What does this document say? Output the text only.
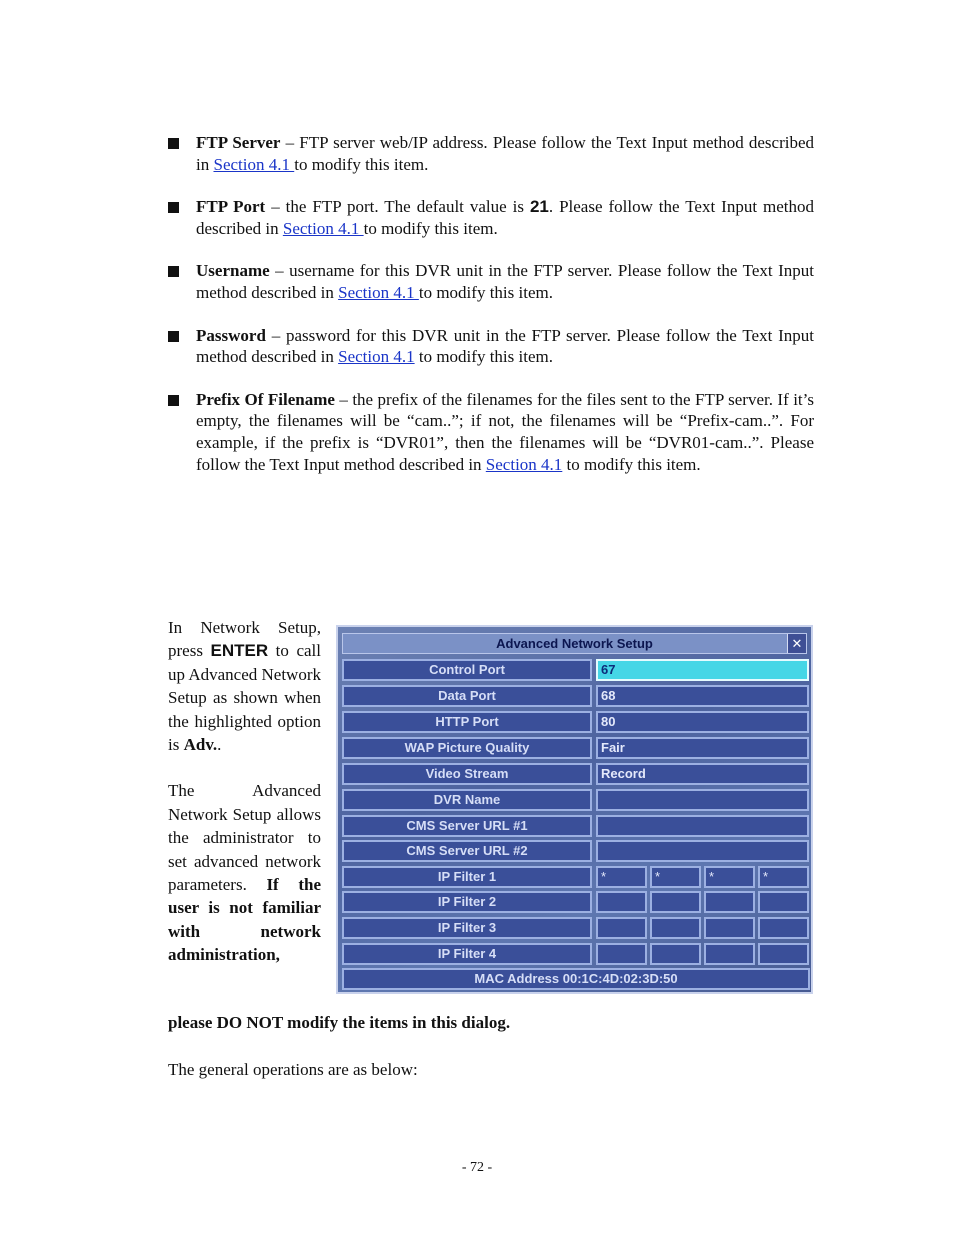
FTP Server – FTP server web/IP address. Please follow the Text Input method described in Section 4.1 to modify this item.
FTP Port – the FTP port. The default value is 21. Please follow the Text Input method described in Section 4.1 to modify this item.
Username – username for this DVR unit in the FTP server. Please follow the Text Input method described in Section 4.1 to modify this item.
Password – password for this DVR unit in the FTP server. Please follow the Text Input method described in Section 4.1 to modify this item.
Prefix Of Filename – the prefix of the filenames for the files sent to the FTP server. If it’s empty, the filenames will be “cam..”; if not, the filenames will be “Prefix-cam..”. For example, if the prefix is “DVR01”, then the filenames will be “DVR01-cam..”. Please follow the Text Input method described in Section 4.1 to modify this item.

In Network Setup, press ENTER to call up Advanced Network Setup as shown when the highlighted option is Adv..

The Advanced Network Setup allows the administrator to set advanced network parameters. If the user is not familiar with network administration,

please DO NOT modify the items in this dialog.
The general operations are as below:
Advanced Network Setup	✕
Control Port	67
Data Port	68
HTTP Port	80
WAP Picture Quality	Fair
Video Stream	Record
DVR Name
CMS Server URL #1
CMS Server URL #2
IP Filter 1	*	*	*	*
IP Filter 2
IP Filter 3
IP Filter 4
MAC Address 00:1C:4D:02:3D:50
- 72 -
